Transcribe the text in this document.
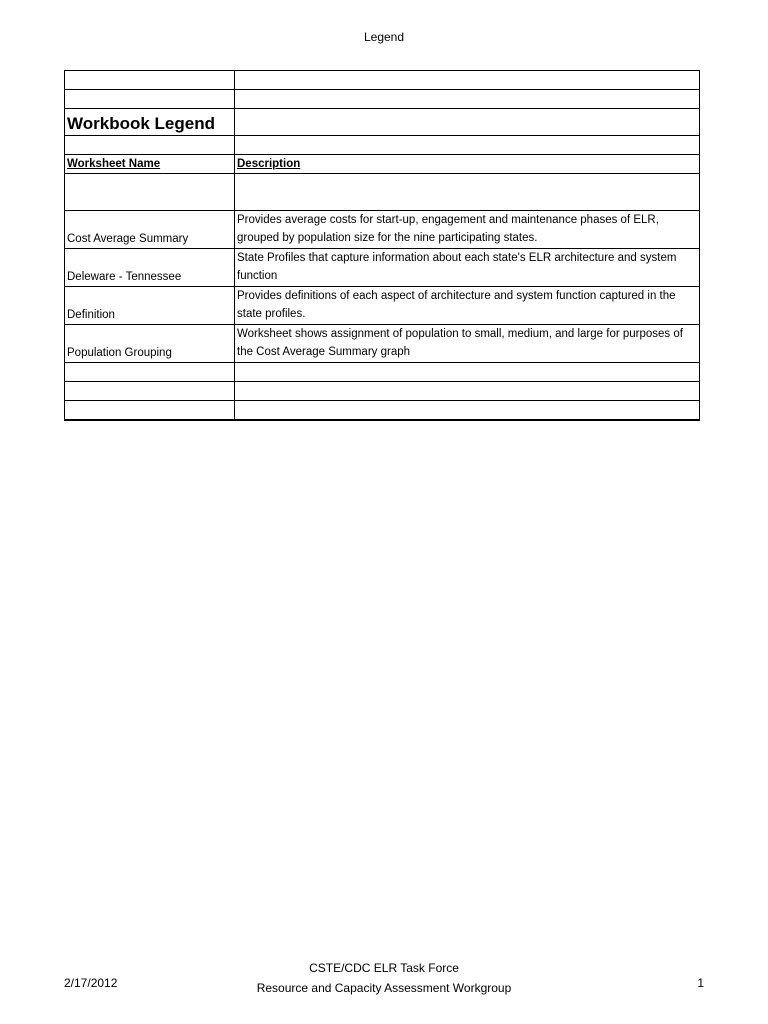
Legend

Workbook Legend	

Worksheet Name	Description

Cost Average Summary	Provides average costs for start-up, engagement and maintenance phases of ELR, grouped by population size for the nine participating states.
Deleware - Tennessee	State Profiles that capture information about each state's ELR architecture and system function
Definition	Provides definitions of each aspect of architecture and system function captured in the state profiles.
Population Grouping	Worksheet shows assignment of population to small, medium, and large for purposes of the Cost Average Summary graph

CSTE/CDC ELR Task Force
Resource and Capacity Assessment Workgroup
2/17/2012	1
